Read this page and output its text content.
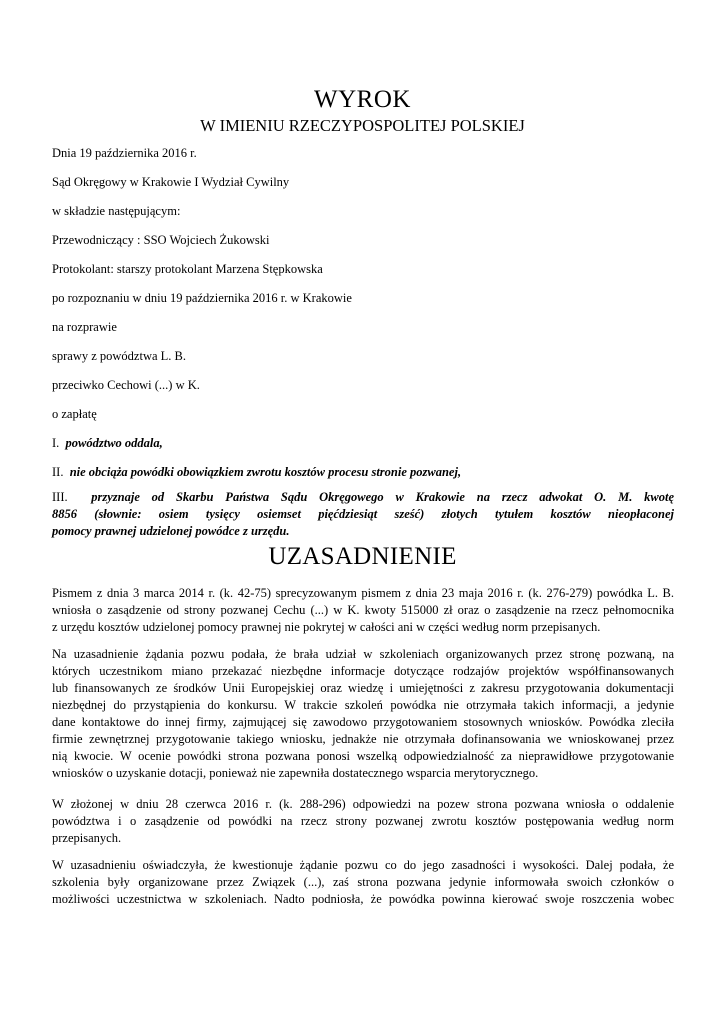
WYROK
W IMIENIU RZECZYPOSPOLITEJ POLSKIEJ

Dnia 19 października 2016 r.

Sąd Okręgowy w Krakowie I Wydział Cywilny

w składzie następującym:

Przewodniczący : SSO Wojciech Żukowski

Protokolant: starszy protokolant Marzena Stępkowska

po rozpoznaniu w dniu 19 października 2016 r. w Krakowie

na rozprawie

sprawy z powództwa L. B.

przeciwko Cechowi (...) w K.

o zapłatę

I. powództwo oddala,

II. nie obciąża powódki obowiązkiem zwrotu kosztów procesu stronie pozwanej,

III. przyznaje od Skarbu Państwa Sądu Okręgowego w Krakowie na rzecz adwokat O. M. kwotę
8856 (słownie: osiem tysięcy osiemset pięćdziesiąt sześć) złotych tytułem kosztów nieopłaconej
pomocy prawnej udzielonej powódce z urzędu.
UZASADNIENIE
Pismem z dnia 3 marca 2014 r. (k. 42-75) sprecyzowanym pismem z dnia 23 maja 2016 r. (k. 276-279) powódka L. B.
wniosła o zasądzenie od strony pozwanej Cechu (...) w K. kwoty 515000 zł oraz o zasądzenie na rzecz pełnomocnika
z urzędu kosztów udzielonej pomocy prawnej nie pokrytej w całości ani w części według norm przepisanych.
Na uzasadnienie żądania pozwu podała, że brała udział w szkoleniach organizowanych przez stronę pozwaną, na
których uczestnikom miano przekazać niezbędne informacje dotyczące rodzajów projektów współfinansowanych
lub finansowanych ze środków Unii Europejskiej oraz wiedzę i umiejętności z zakresu przygotowania dokumentacji
niezbędnej do przystąpienia do konkursu. W trakcie szkoleń powódka nie otrzymała takich informacji, a jedynie
dane kontaktowe do innej firmy, zajmującej się zawodowo przygotowaniem stosownych wniosków. Powódka zleciła
firmie zewnętrznej przygotowanie takiego wniosku, jednakże nie otrzymała dofinansowania we wnioskowanej przez
nią kwocie. W ocenie powódki strona pozwana ponosi wszelką odpowiedzialność za nieprawidłowe przygotowanie
wniosków o uzyskanie dotacji, ponieważ nie zapewniła dostatecznego wsparcia merytorycznego.
W złożonej w dniu 28 czerwca 2016 r. (k. 288-296) odpowiedzi na pozew strona pozwana wniosła o oddalenie
powództwa i o zasądzenie od powódki na rzecz strony pozwanej zwrotu kosztów postępowania według norm
przepisanych.
W uzasadnieniu oświadczyła, że kwestionuje żądanie pozwu co do jego zasadności i wysokości. Dalej podała, że
szkolenia były organizowane przez Związek (...), zaś strona pozwana jedynie informowała swoich członków o
możliwości uczestnictwa w szkoleniach. Nadto podniosła, że powódka powinna kierować swoje roszczenia wobec
